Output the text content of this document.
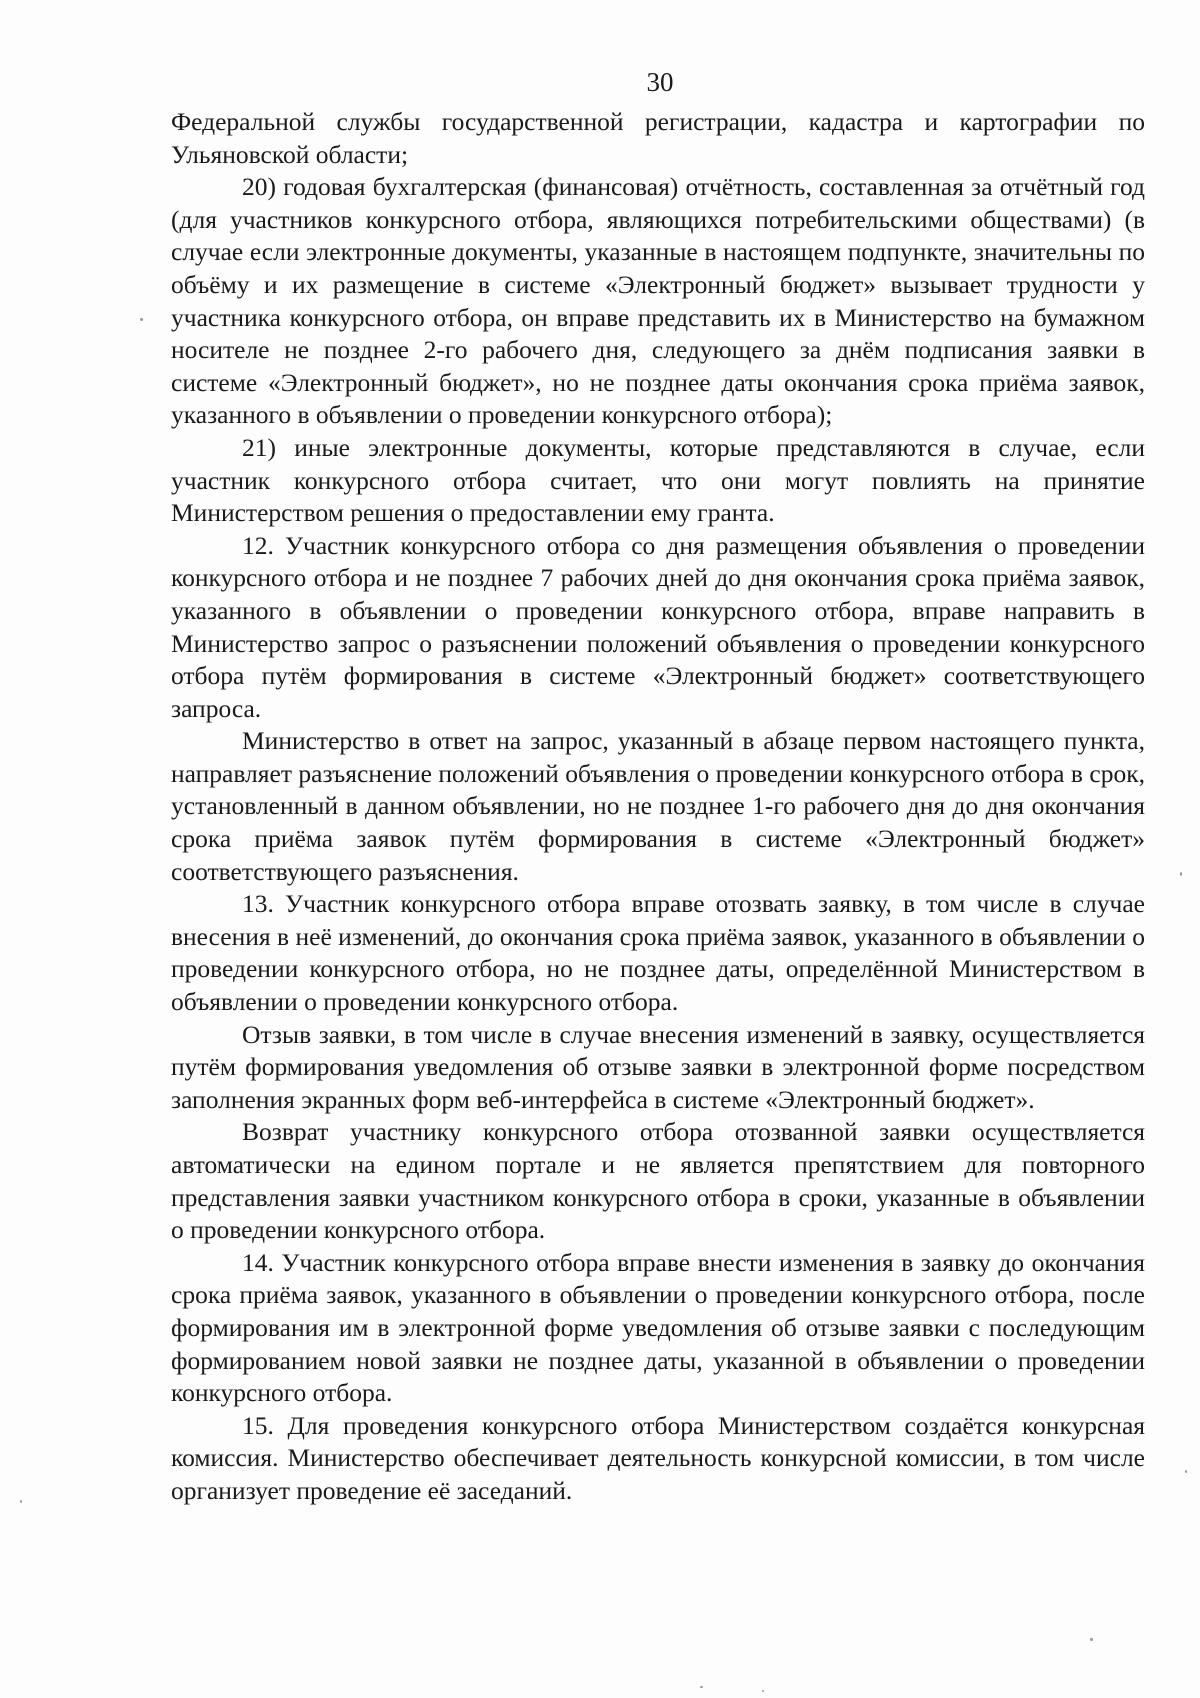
30

Федеральной службы государственной регистрации, кадастра и картографии по Ульяновской области;

20) годовая бухгалтерская (финансовая) отчётность, составленная за отчётный год (для участников конкурсного отбора, являющихся потребительскими обществами) (в случае если электронные документы, указанные в настоящем подпункте, значительны по объёму и их размещение в системе «Электронный бюджет» вызывает трудности у участника конкурсного отбора, он вправе представить их в Министерство на бумажном носителе не позднее 2-го рабочего дня, следующего за днём подписания заявки в системе «Электронный бюджет», но не позднее даты окончания срока приёма заявок, указанного в объявлении о проведении конкурсного отбора);

21) иные электронные документы, которые представляются в случае, если участник конкурсного отбора считает, что они могут повлиять на принятие Министерством решения о предоставлении ему гранта.

12. Участник конкурсного отбора со дня размещения объявления о проведении конкурсного отбора и не позднее 7 рабочих дней до дня окончания срока приёма заявок, указанного в объявлении о проведении конкурсного отбора, вправе направить в Министерство запрос о разъяснении положений объявления о проведении конкурсного отбора путём формирования в системе «Электронный бюджет» соответствующего запроса.

Министерство в ответ на запрос, указанный в абзаце первом настоящего пункта, направляет разъяснение положений объявления о проведении конкурсного отбора в срок, установленный в данном объявлении, но не позднее 1-го рабочего дня до дня окончания срока приёма заявок путём формирования в системе «Электронный бюджет» соответствующего разъяснения.

13. Участник конкурсного отбора вправе отозвать заявку, в том числе в случае внесения в неё изменений, до окончания срока приёма заявок, указанного в объявлении о проведении конкурсного отбора, но не позднее даты, определённой Министерством в объявлении о проведении конкурсного отбора.

Отзыв заявки, в том числе в случае внесения изменений в заявку, осуществляется путём формирования уведомления об отзыве заявки в электронной форме посредством заполнения экранных форм веб-интерфейса в системе «Электронный бюджет».

Возврат участнику конкурсного отбора отозванной заявки осуществляется автоматически на едином портале и не является препятствием для повторного представления заявки участником конкурсного отбора в сроки, указанные в объявлении о проведении конкурсного отбора.

14. Участник конкурсного отбора вправе внести изменения в заявку до окончания срока приёма заявок, указанного в объявлении о проведении конкурсного отбора, после формирования им в электронной форме уведомления об отзыве заявки с последующим формированием новой заявки не позднее даты, указанной в объявлении о проведении конкурсного отбора.

15. Для проведения конкурсного отбора Министерством создаётся конкурсная комиссия. Министерство обеспечивает деятельность конкурсной комиссии, в том числе организует проведение её заседаний.
